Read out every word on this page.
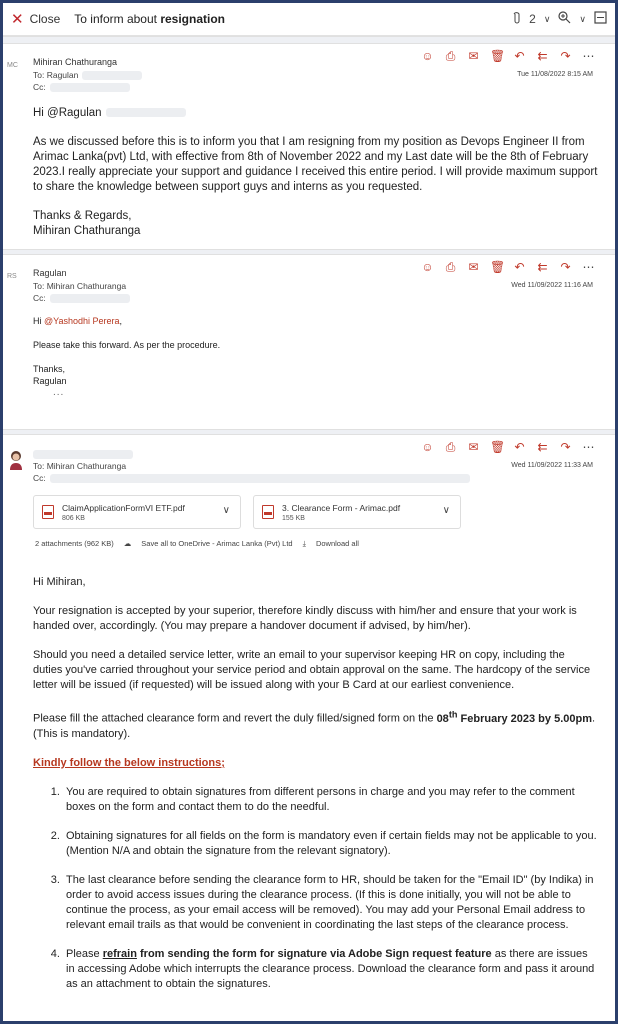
✕ Close To inform about resignation	2 ∨	∨
MC Mihiran Chathuranga
To: Ragulan
Cc:
Tue 11/08/2022 8:15 AM
☺ ⎙ ✉ 🗑︎ ↶ ⇇ ↷ ⋯

Hi @Ragulan

As we discussed before this is to inform you that I am resigning from my position as Devops Engineer II from Arimac Lanka(pvt) Ltd, with effective from 8th of November 2022 and my Last date will be the 8th of February 2023.I really appreciate your support and guidance I received this entire period. I will provide maximum support to share the knowledge between support guys and interns as you requested.

Thanks & Regards,
Mihiran Chathuranga
RS Ragulan
To: Mihiran Chathuranga
Cc:
Wed 11/09/2022 11:16 AM
☺ ⎙ ✉ 🗑︎ ↶ ⇇ ↷ ⋯

Hi @Yashodhi Perera,

Please take this forward. As per the procedure.

Thanks,
Ragulan
...
To: Mihiran Chathuranga
Cc:
Wed 11/09/2022 11:33 AM
☺ ⎙ ✉ 🗑︎ ↶ ⇇ ↷ ⋯
ClaimApplicationFormVI ETF.pdf
806 KB
∨	3. Clearance Form - Arimac.pdf
155 KB
∨
2 attachments (962 KB) ☁ Save all to OneDrive - Arimac Lanka (Pvt) Ltd ⤓ Download all

Hi Mihiran,

Your resignation is accepted by your superior, therefore kindly discuss with him/her and ensure that your work is handed over, accordingly. (You may prepare a handover document if advised, by him/her).

Should you need a detailed service letter, write an email to your supervisor keeping HR on copy, including the duties you've carried throughout your service period and obtain approval on the same. The hardcopy of the service letter will be issued (if requested) will be issued along with your B Card at our earliest convenience.

Please fill the attached clearance form and revert the duly filled/signed form on the 08th February 2023 by 5.00pm. (This is mandatory).

Kindly follow the below instructions;

1. You are required to obtain signatures from different persons in charge and you may refer to the comment boxes on the form and contact them to do the needful.
2. Obtaining signatures for all fields on the form is mandatory even if certain fields may not be applicable to you. (Mention N/A and obtain the signature from the relevant signatory).
3. The last clearance before sending the clearance form to HR, should be taken for the "Email ID" (by Indika) in order to avoid access issues during the clearance process. (If this is done initially, you will not be able to continue the process, as your email access will be removed). You may add your Personal Email address to relevant email trails as that would be convenient in coordinating the last steps of the clearance process.
4. Please refrain from sending the form for signature via Adobe Sign request feature as there are issues in accessing Adobe which interrupts the clearance process. Download the clearance form and pass it around as an attachment to obtain the signatures.
